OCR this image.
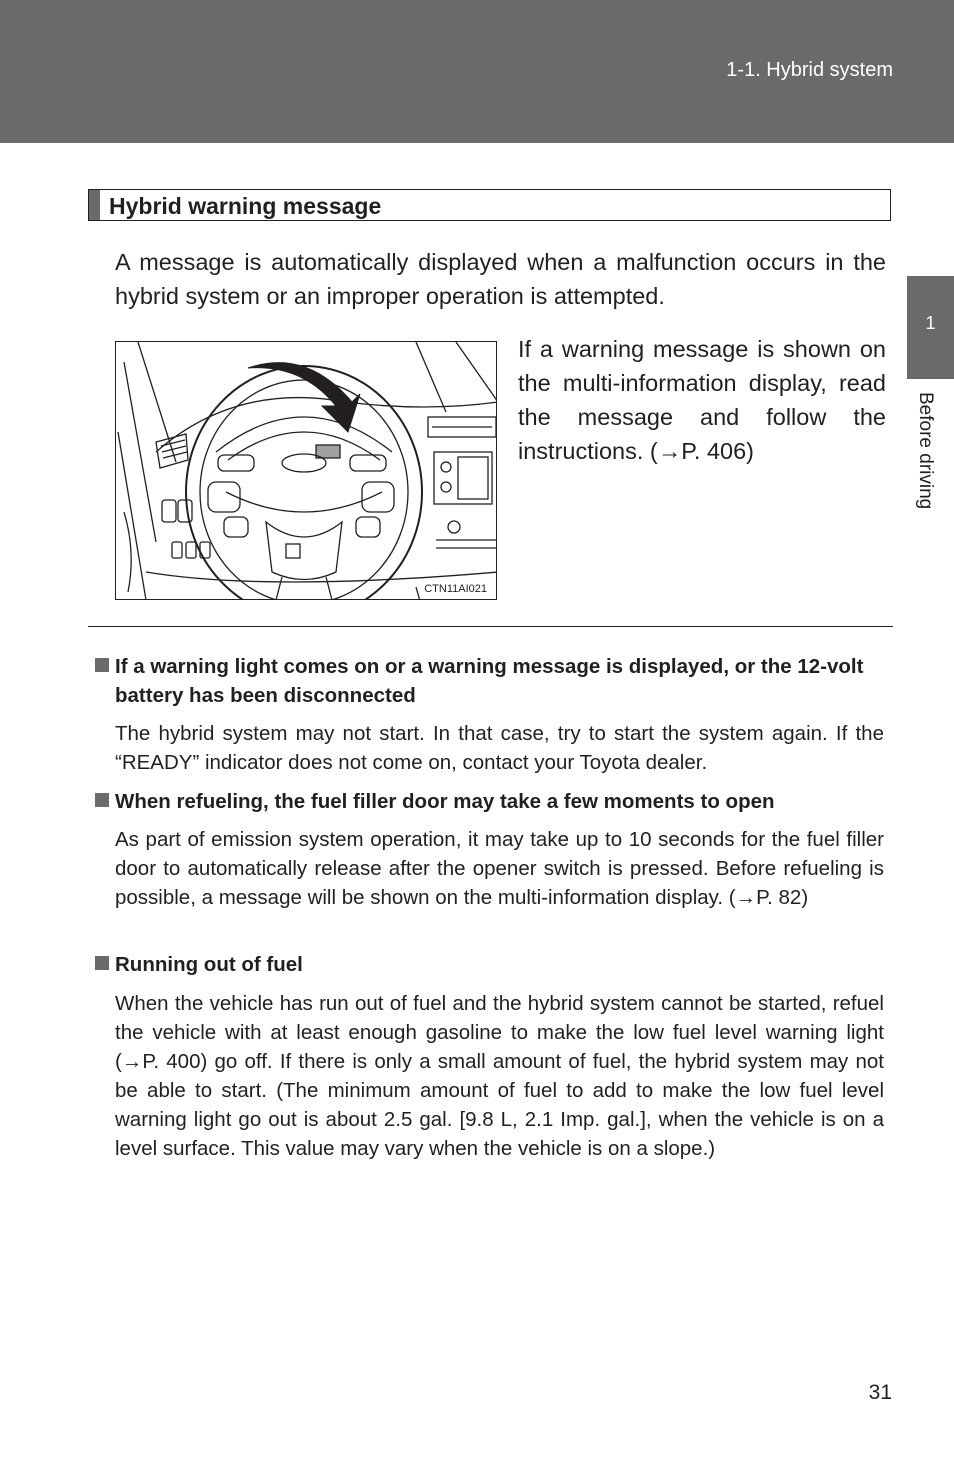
1-1. Hybrid system
1
Before driving
Hybrid warning message

A message is automatically displayed when a malfunction occurs in the hybrid system or an improper operation is attempted.

CTN11AI021

If a warning message is shown on the multi-information display, read the message and follow the instructions. (→P. 406)

If a warning light comes on or a warning message is displayed, or the 12-volt battery has been disconnected

The hybrid system may not start. In that case, try to start the system again. If the “READY” indicator does not come on, contact your Toyota dealer.

When refueling, the fuel filler door may take a few moments to open

As part of emission system operation, it may take up to 10 seconds for the fuel filler door to automatically release after the opener switch is pressed. Before refueling is possible, a message will be shown on the multi-information display. (→P. 82)

Running out of fuel

When the vehicle has run out of fuel and the hybrid system cannot be started, refuel the vehicle with at least enough gasoline to make the low fuel level warning light (→P. 400) go off. If there is only a small amount of fuel, the hybrid system may not be able to start. (The minimum amount of fuel to add to make the low fuel level warning light go out is about 2.5 gal. [9.8 L, 2.1 Imp. gal.], when the vehicle is on a level surface. This value may vary when the vehicle is on a slope.)

31
